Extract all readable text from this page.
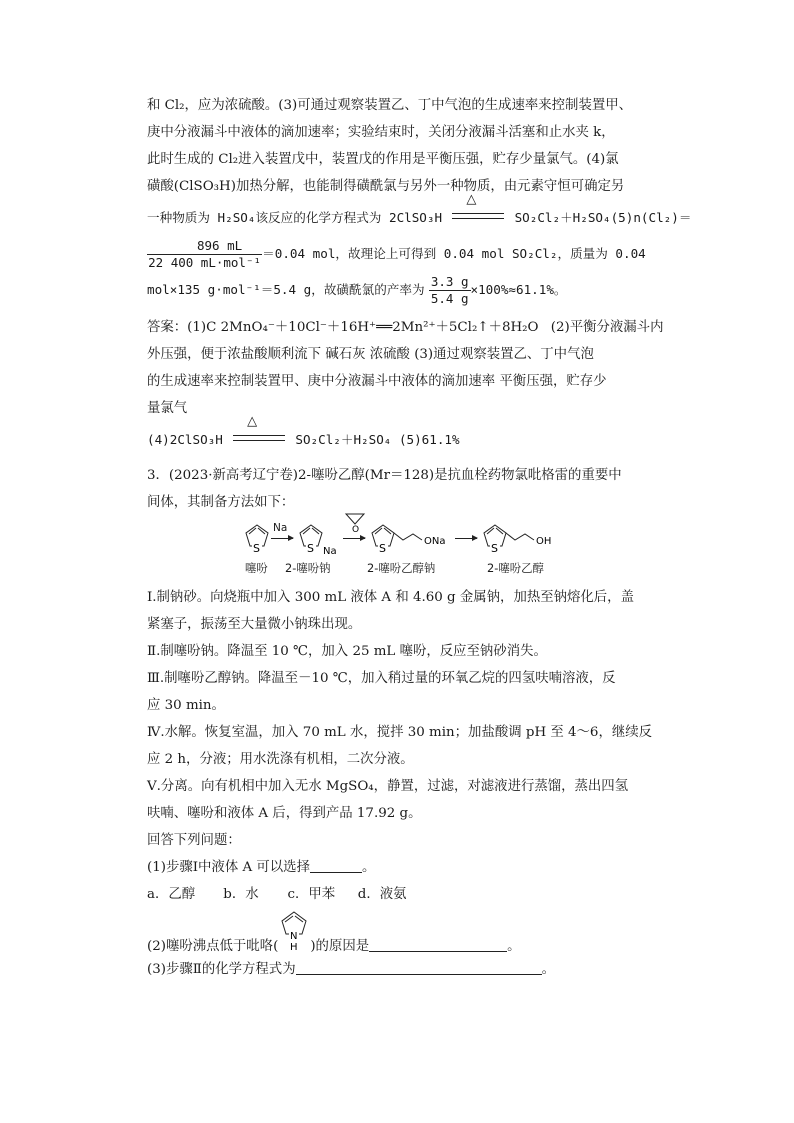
和 Cl₂，应为浓硫酸。(3)可通过观察装置乙、丁中气泡的生成速率来控制装置甲、
庚中分液漏斗中液体的滴加速率；实验结束时，关闭分液漏斗活塞和止水夹 k，
此时生成的 Cl₂进入装置戊中，装置戊的作用是平衡压强，贮存少量氯气。(4)氯
磺酸(ClSO₃H)加热分解，也能制得磺酰氯与另外一种物质，由元素守恒可确定另
一种物质为 H₂SO₄该反应的化学方程式为 2ClSO₃H
△
SO₂Cl₂＋H₂SO₄(5)n(Cl₂)＝
$\frac{896 mL}{\text{22 400 mL·mol⁻¹}} =0.04$ mol，故理论上可得到 0.04 mol SO₂Cl₂，质量为 0.04
mol×135 g·mol⁻¹＝5.4 g，故磺酰氯的产率为 $\frac{3.3 g}{5.4 g} \times 100\%\approx 61.1\%$。
答案：(1)C 2MnO₄⁻＋10Cl⁻＋16H⁺══2Mn²⁺＋5Cl₂↑＋8H₂O (2)平衡分液漏斗内
外压强，便于浓盐酸顺利流下 碱石灰 浓硫酸 (3)通过观察装置乙、丁中气泡
的生成速率来控制装置甲、庚中分液漏斗中液体的滴加速率 平衡压强，贮存少
量氯气
(4)2ClSO₃H
△
SO₂Cl₂＋H₂SO₄ (5)61.1%
3．(2023·新高考辽宁卷)2-噻吩乙醇(Mr＝128)是抗血栓药物氯吡格雷的重要中
间体，其制备方法如下：
S
噻吩
Na
S Na
2-噻吩钠
O
S
ONa
2-噻吩乙醇钠
S
OH
2-噻吩乙醇
Ⅰ.制钠砂。向烧瓶中加入 300 mL 液体 A 和 4.60 g 金属钠，加热至钠熔化后，盖
紧塞子，振荡至大量微小钠珠出现。
Ⅱ.制噻吩钠。降温至 10 ℃，加入 25 mL 噻吩，反应至钠砂消失。
Ⅲ.制噻吩乙醇钠。降温至－10 ℃，加入稍过量的环氧乙烷的四氢呋喃溶液，反
应 30 min。
Ⅳ.水解。恢复室温，加入 70 mL 水，搅拌 30 min；加盐酸调 pH 至 4～6，继续反
应 2 h，分液；用水洗涤有机相，二次分液。
Ⅴ.分离。向有机相中加入无水 MgSO₄，静置，过滤，对滤液进行蒸馏，蒸出四氢
呋喃、噻吩和液体 A 后，得到产品 17.92 g。
回答下列问题：
(1)步骤Ⅰ中液体 A 可以选择	。
a．乙醇 b．水 c．甲苯 d．液氨
(2)噻吩沸点低于吡咯(
N
H )的原因是	。
(3)步骤Ⅱ的化学方程式为	。
